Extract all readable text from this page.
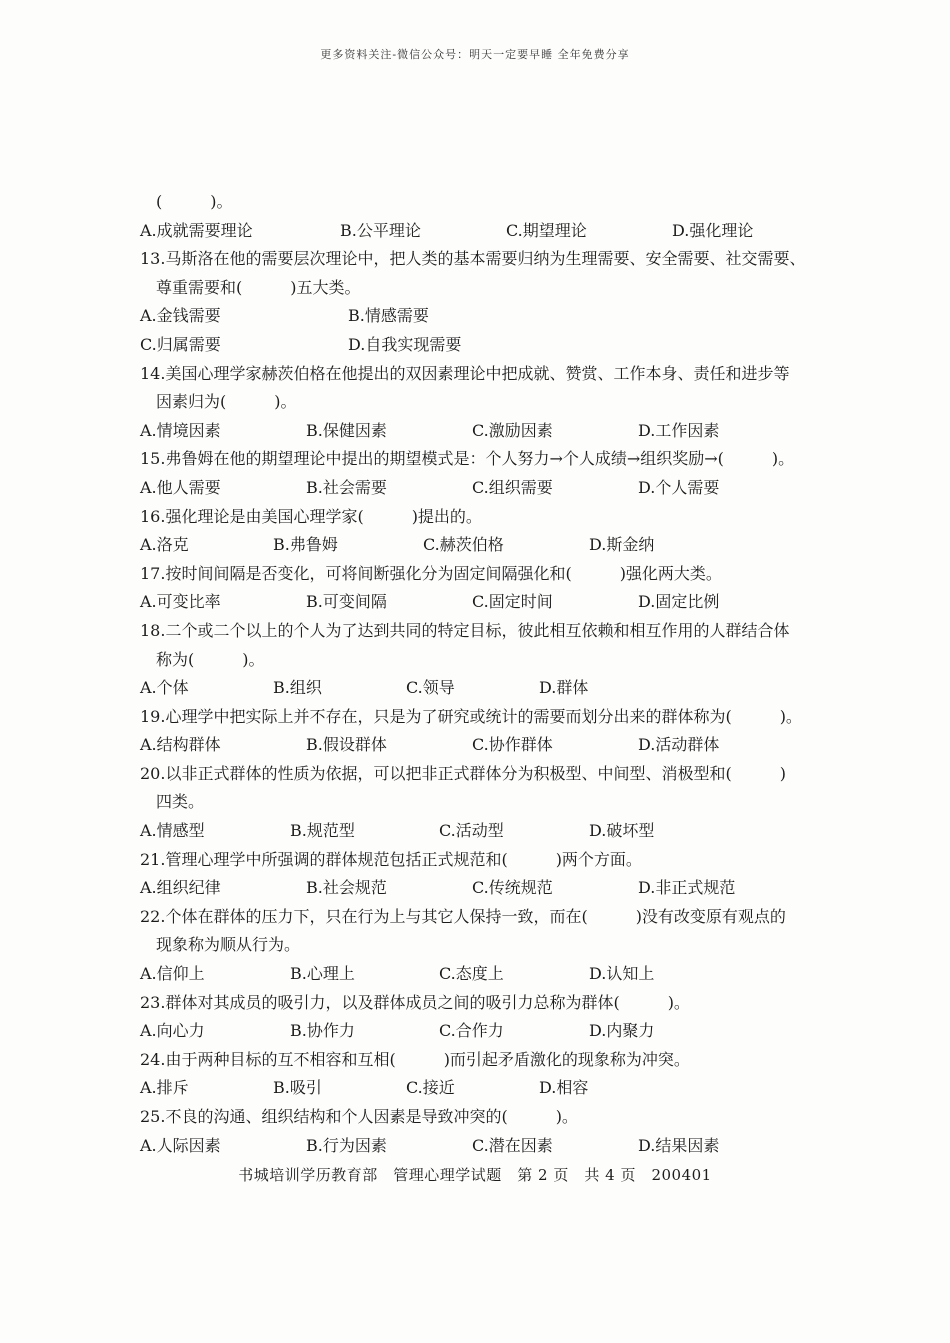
更多资料关注-微信公众号：明天一定要早睡 全年免费分享
(　　　)。
A.成就需要理论	B.公平理论	C.期望理论	D.强化理论
13.马斯洛在他的需要层次理论中，把人类的基本需要归纳为生理需要、安全需要、社交需要、
尊重需要和(　　　)五大类。
A.金钱需要	B.情感需要
C.归属需要	D.自我实现需要
14.美国心理学家赫茨伯格在他提出的双因素理论中把成就、赞赏、工作本身、责任和进步等
因素归为(　　　)。
A.情境因素	B.保健因素	C.激励因素	D.工作因素
15.弗鲁姆在他的期望理论中提出的期望模式是：个人努力→个人成绩→组织奖励→(　　　)。
A.他人需要	B.社会需要	C.组织需要	D.个人需要
16.强化理论是由美国心理学家(　　　)提出的。
A.洛克	B.弗鲁姆	C.赫茨伯格	D.斯金纳
17.按时间间隔是否变化，可将间断强化分为固定间隔强化和(　　　)强化两大类。
A.可变比率	B.可变间隔	C.固定时间	D.固定比例
18.二个或二个以上的个人为了达到共同的特定目标，彼此相互依赖和相互作用的人群结合体
称为(　　　)。
A.个体	B.组织	C.领导	D.群体
19.心理学中把实际上并不存在，只是为了研究或统计的需要而划分出来的群体称为(　　　)。
A.结构群体	B.假设群体	C.协作群体	D.活动群体
20.以非正式群体的性质为依据，可以把非正式群体分为积极型、中间型、消极型和(　　　)
四类。
A.情感型	B.规范型	C.活动型	D.破坏型
21.管理心理学中所强调的群体规范包括正式规范和(　　　)两个方面。
A.组织纪律	B.社会规范	C.传统规范	D.非正式规范
22.个体在群体的压力下，只在行为上与其它人保持一致，而在(　　　)没有改变原有观点的
现象称为顺从行为。
A.信仰上	B.心理上	C.态度上	D.认知上
23.群体对其成员的吸引力，以及群体成员之间的吸引力总称为群体(　　　)。
A.向心力	B.协作力	C.合作力	D.内聚力
24.由于两种目标的互不相容和互相(　　　)而引起矛盾激化的现象称为冲突。
A.排斥	B.吸引	C.接近	D.相容
25.不良的沟通、组织结构和个人因素是导致冲突的(　　　)。
A.人际因素	B.行为因素	C.潜在因素	D.结果因素
书城培训学历教育部　管理心理学试题　第 2 页　共 4 页　200401
